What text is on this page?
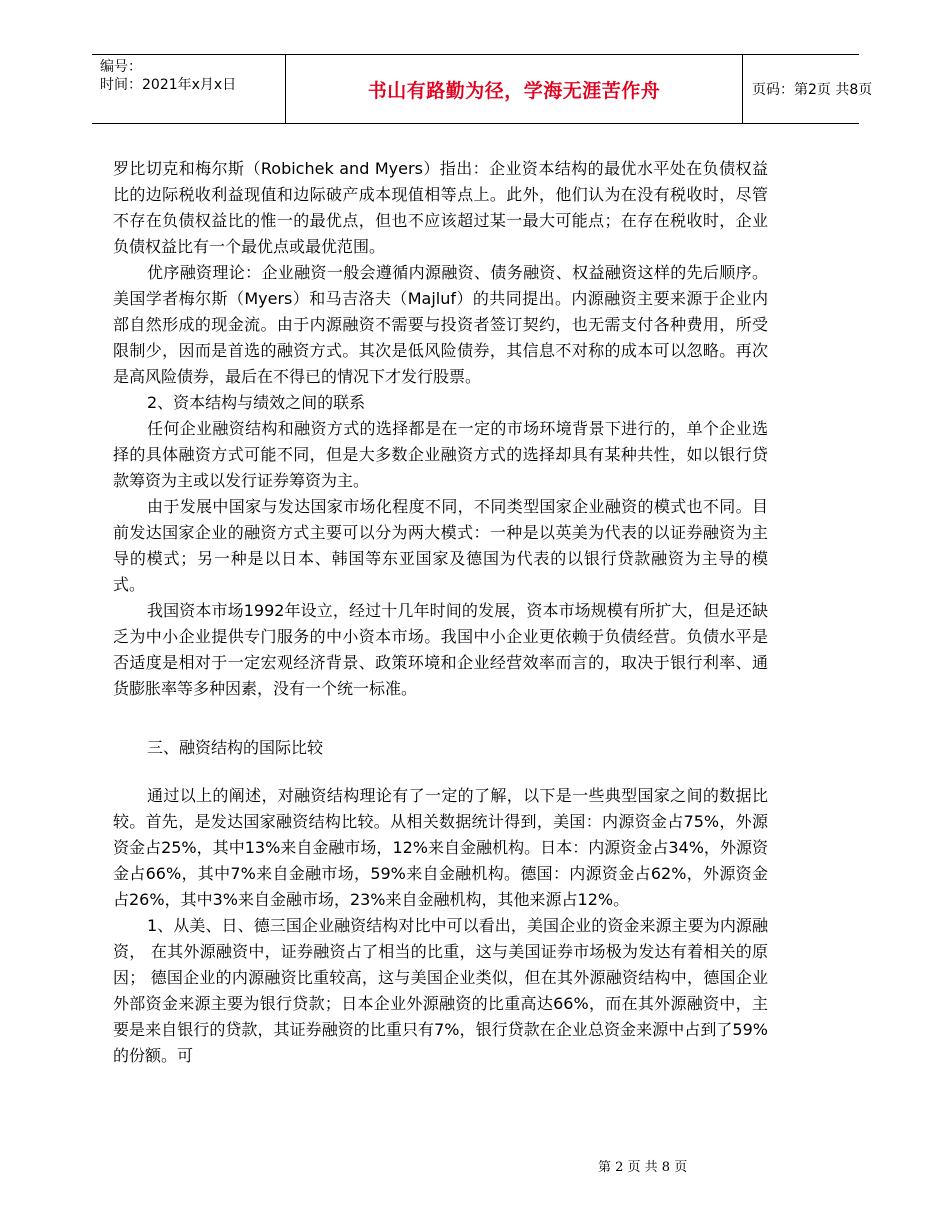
编号：
时间：2021年x月x日	书山有路勤为径，学海无涯苦作舟	页码：第2页 共8页

罗比切克和梅尔斯（Robichek and Myers）指出：企业资本结构的最优水平处在负债权益比的边际税收利益现值和边际破产成本现值相等点上。此外，他们认为在没有税收时，尽管不存在负债权益比的惟一的最优点，但也不应该超过某一最大可能点；在存在税收时，企业负债权益比有一个最优点或最优范围。

优序融资理论：企业融资一般会遵循内源融资、债务融资、权益融资这样的先后顺序。美国学者梅尔斯（Myers）和马吉洛夫（Majluf）的共同提出。内源融资主要来源于企业内部自然形成的现金流。由于内源融资不需要与投资者签订契约，也无需支付各种费用，所受限制少，因而是首选的融资方式。其次是低风险债券，其信息不对称的成本可以忽略。再次是高风险债券，最后在不得已的情况下才发行股票。

2、资本结构与绩效之间的联系

任何企业融资结构和融资方式的选择都是在一定的市场环境背景下进行的，单个企业选择的具体融资方式可能不同，但是大多数企业融资方式的选择却具有某种共性，如以银行贷款筹资为主或以发行证券筹资为主。

由于发展中国家与发达国家市场化程度不同，不同类型国家企业融资的模式也不同。目前发达国家企业的融资方式主要可以分为两大模式：一种是以英美为代表的以证券融资为主导的模式；另一种是以日本、韩国等东亚国家及德国为代表的以银行贷款融资为主导的模式。

我国资本市场1992年设立，经过十几年时间的发展，资本市场规模有所扩大，但是还缺乏为中小企业提供专门服务的中小资本市场。我国中小企业更依赖于负债经营。负债水平是否适度是相对于一定宏观经济背景、政策环境和企业经营效率而言的，取决于银行利率、通货膨胀率等多种因素，没有一个统一标准。

三、融资结构的国际比较

通过以上的阐述，对融资结构理论有了一定的了解，以下是一些典型国家之间的数据比较。首先，是发达国家融资结构比较。从相关数据统计得到，美国：内源资金占75%，外源资金占25%，其中13%来自金融市场，12%来自金融机构。日本：内源资金占34%，外源资金占66%，其中7%来自金融市场，59%来自金融机构。德国：内源资金占62%，外源资金占26%，其中3%来自金融市场，23%来自金融机构，其他来源占12%。

1、从美、日、德三国企业融资结构对比中可以看出，美国企业的资金来源主要为内源融资， 在其外源融资中，证券融资占了相当的比重，这与美国证券市场极为发达有着相关的原因； 德国企业的内源融资比重较高，这与美国企业类似，但在其外源融资结构中，德国企业外部资金来源主要为银行贷款；日本企业外源融资的比重高达66%，而在其外源融资中，主要是来自银行的贷款，其证券融资的比重只有7%，银行贷款在企业总资金来源中占到了59%的份额。可

第 2 页 共 8 页
